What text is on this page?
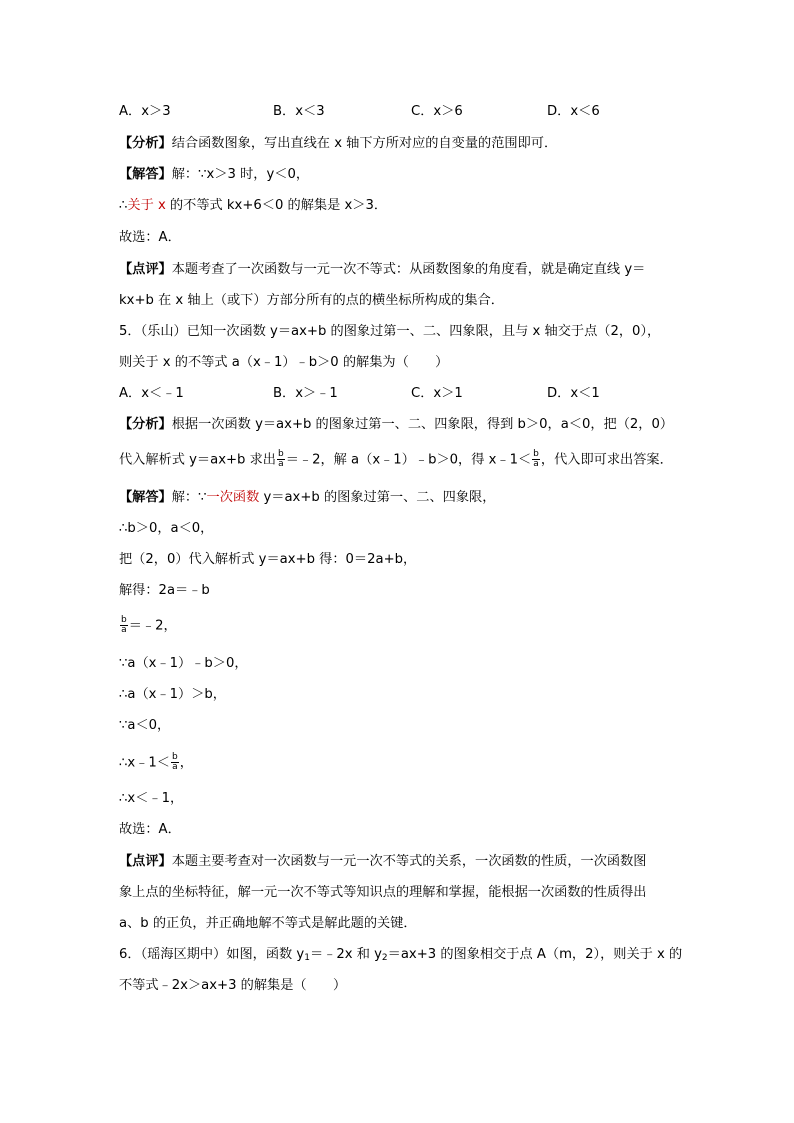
A．x＞3	B．x＜3	C．x＞6	D．x＜6
【分析】结合函数图象，写出直线在 x 轴下方所对应的自变量的范围即可．
【解答】解：∵x＞3 时，y＜0，
∴关于 x 的不等式 kx+6＜0 的解集是 x＞3．
故选：A．
【点评】本题考查了一次函数与一元一次不等式：从函数图象的角度看，就是确定直线 y＝
kx+b 在 x 轴上（或下）方部分所有的点的横坐标所构成的集合．
5．（乐山）已知一次函数 y＝ax+b 的图象过第一、二、四象限，且与 x 轴交于点（2，0），
则关于 x 的不等式 a（x﹣1）﹣b＞0 的解集为（　　）
A．x＜﹣1	B．x＞﹣1	C．x＞1	D．x＜1
【分析】根据一次函数 y＝ax+b 的图象过第一、二、四象限，得到 b＞0，a＜0，把（2，0）
代入解析式 y＝ax+b 求出 $\frac{b}{a}$ ＝﹣2，解 a（x﹣1）﹣b＞0，得 x﹣1＜ $\frac{b}{a}$ ，代入即可求出答案．
【解答】解：∵一次函数 y＝ax+b 的图象过第一、二、四象限，
∴b＞0，a＜0，
把（2，0）代入解析式 y＝ax+b 得：0＝2a+b，
解得：2a＝﹣b
$\frac{b}{a}$ ＝﹣2，
∵a（x﹣1）﹣b＞0，
∴a（x﹣1）＞b，
∵a＜0，
∴x﹣1＜ $\frac{b}{a}$ ，
∴x＜﹣1，
故选：A．
【点评】本题主要考查对一次函数与一元一次不等式的关系，一次函数的性质，一次函数图
象上点的坐标特征，解一元一次不等式等知识点的理解和掌握，能根据一次函数的性质得出
a、b 的正负，并正确地解不等式是解此题的关键．
6．（瑶海区期中）如图，函数 $y_1=﹣2x$ 和 $y_2=ax+3$ 的图象相交于点 A（m，2），则关于 x 的
不等式﹣2x＞ax+3 的解集是（　　）
